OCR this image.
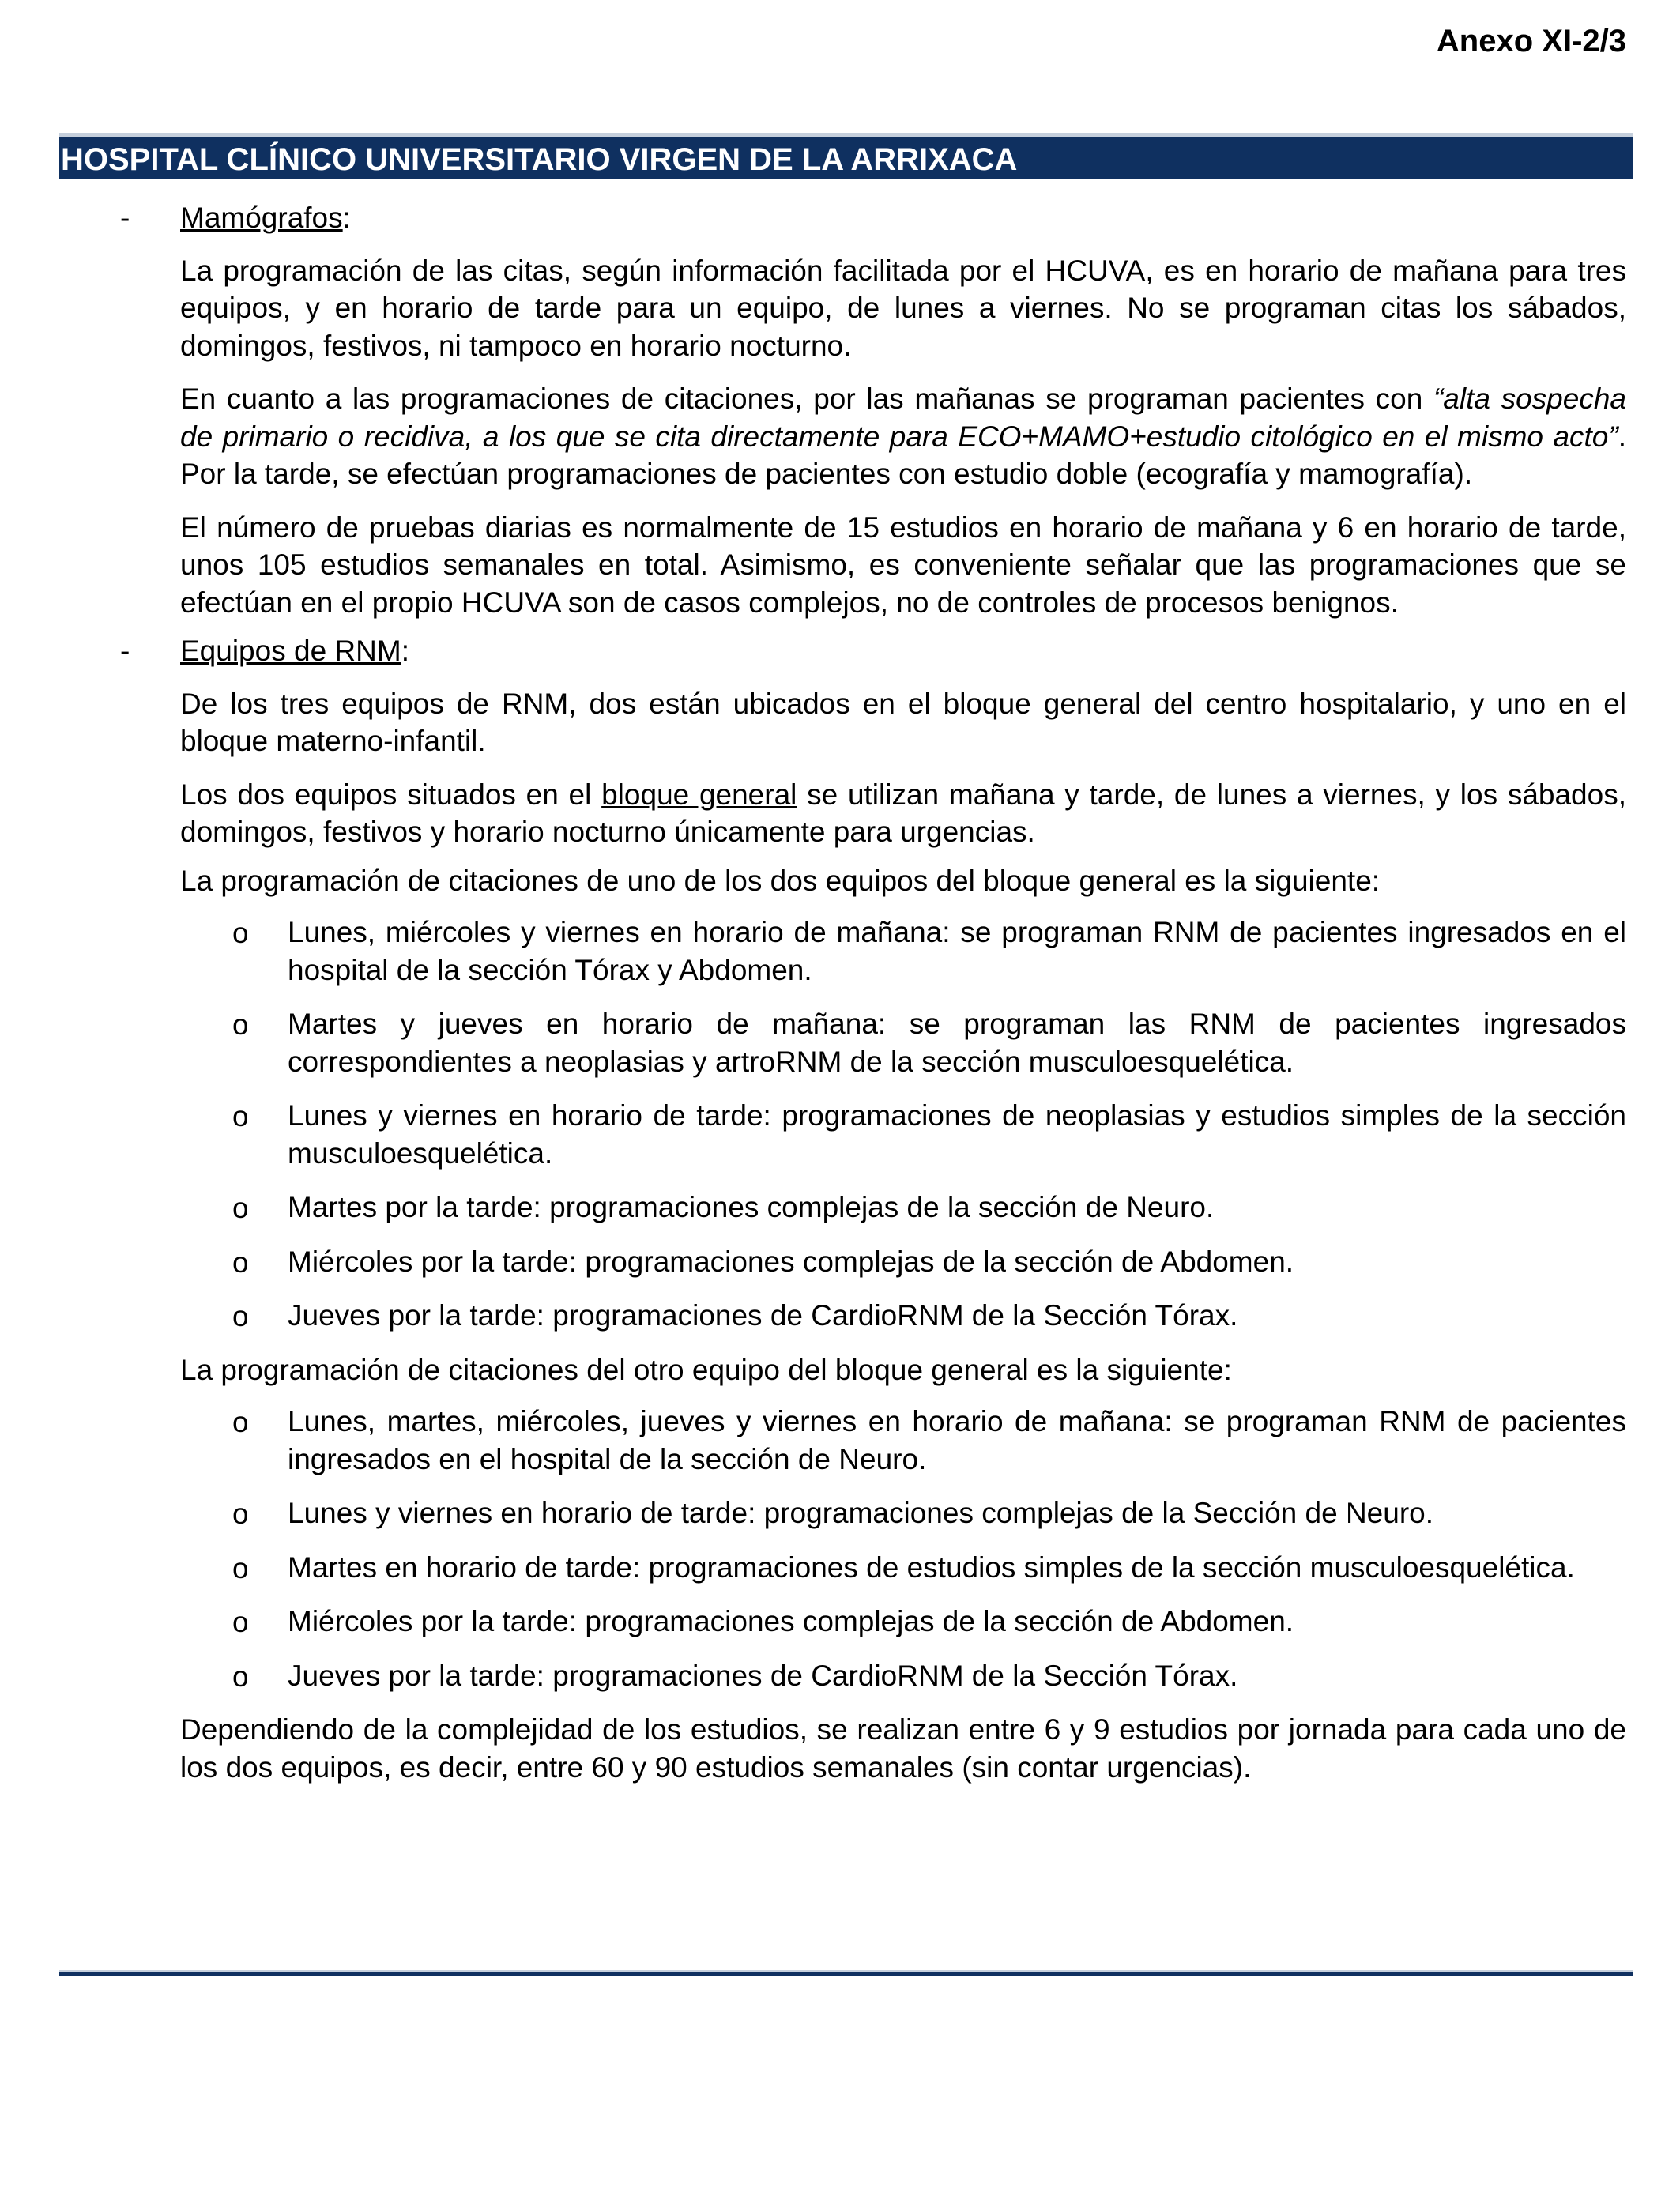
Anexo XI-2/3
HOSPITAL CLÍNICO UNIVERSITARIO VIRGEN DE LA ARRIXACA
- Mamógrafos:

La programación de las citas, según información facilitada por el HCUVA, es en horario de mañana para tres equipos, y en horario de tarde para un equipo, de lunes a viernes. No se programan citas los sábados, domingos, festivos, ni tampoco en horario nocturno.

En cuanto a las programaciones de citaciones, por las mañanas se programan pacientes con “alta sospecha de primario o recidiva, a los que se cita directamente para ECO+MAMO+estudio citológico en el mismo acto”. Por la tarde, se efectúan programaciones de pacientes con estudio doble (ecografía y mamografía).

El número de pruebas diarias es normalmente de 15 estudios en horario de mañana y 6 en horario de tarde, unos 105 estudios semanales en total. Asimismo, es conveniente señalar que las programaciones que se efectúan en el propio HCUVA son de casos complejos, no de controles de procesos benignos.

- Equipos de RNM:

De los tres equipos de RNM, dos están ubicados en el bloque general del centro hospitalario, y uno en el bloque materno-infantil.

Los dos equipos situados en el bloque general se utilizan mañana y tarde, de lunes a viernes, y los sábados, domingos, festivos y horario nocturno únicamente para urgencias.

La programación de citaciones de uno de los dos equipos del bloque general es la siguiente:
o Lunes, miércoles y viernes en horario de mañana: se programan RNM de pacientes ingresados en el hospital de la sección Tórax y Abdomen.
o Martes y jueves en horario de mañana: se programan las RNM de pacientes ingresados correspondientes a neoplasias y artroRNM de la sección musculoesquelética.
o Lunes y viernes en horario de tarde: programaciones de neoplasias y estudios simples de la sección musculoesquelética.
o Martes por la tarde: programaciones complejas de la sección de Neuro.
o Miércoles por la tarde: programaciones complejas de la sección de Abdomen.
o Jueves por la tarde: programaciones de CardioRNM de la Sección Tórax.
La programación de citaciones del otro equipo del bloque general es la siguiente:
o Lunes, martes, miércoles, jueves y viernes en horario de mañana: se programan RNM de pacientes ingresados en el hospital de la sección de Neuro.
o Lunes y viernes en horario de tarde: programaciones complejas de la Sección de Neuro.
o Martes en horario de tarde: programaciones de estudios simples de la sección musculoesquelética.
o Miércoles por la tarde: programaciones complejas de la sección de Abdomen.
o Jueves por la tarde: programaciones de CardioRNM de la Sección Tórax.

Dependiendo de la complejidad de los estudios, se realizan entre 6 y 9 estudios por jornada para cada uno de los dos equipos, es decir, entre 60 y 90 estudios semanales (sin contar urgencias).
